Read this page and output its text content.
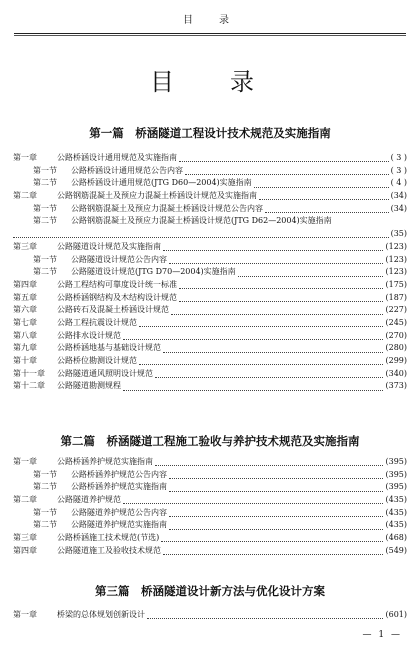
目　录
目　录
第一篇　桥涵隧道工程设计技术规范及实施指南
第一章	公路桥涵设计通用规范及实施指南	( 3 )
第一节	公路桥涵设计通用规范公告内容	( 3 )
第二节	公路桥涵设计通用规范(JTG D60—2004)实施指南	( 4 )
第二章	公路钢筋混凝土及预应力混凝土桥涵设计规范及实施指南	(34)
第一节	公路钢筋混凝土及预应力混凝土桥涵设计规范公告内容	(34)
第二节	公路钢筋混凝土及预应力混凝土桥涵设计规范(JTG D62—2004)实施指南
(35)
第三章	公路隧道设计规范及实施指南	(123)
第一节	公路隧道设计规范公告内容	(123)
第二节	公路隧道设计规范(JTG D70—2004)实施指南	(123)
第四章	公路工程结构可靠度设计统一标准	(175)
第五章	公路桥涵钢结构及木结构设计规范	(187)
第六章	公路砖石及混凝土桥涵设计规范	(227)
第七章	公路工程抗震设计规范	(245)
第八章	公路排水设计规范	(270)
第九章	公路桥涵地基与基础设计规范	(280)
第十章	公路桥位勘测设计规范	(299)
第十一章	公路隧道通风照明设计规范	(340)
第十二章	公路隧道勘测规程	(373)
第二篇　桥涵隧道工程施工验收与养护技术规范及实施指南
第一章	公路桥涵养护规范实施指南	(395)
第一节	公路桥涵养护规范公告内容	(395)
第二节	公路桥涵养护规范实施指南	(395)
第二章	公路隧道养护规范	(435)
第一节	公路隧道养护规范公告内容	(435)
第二节	公路隧道养护规范实施指南	(435)
第三章	公路桥涵施工技术规范(节选)	(468)
第四章	公路隧道施工及验收技术规范	(549)
第三篇　桥涵隧道设计新方法与优化设计方案
第一章	桥梁的总体规划创新设计	(601)
— 1 —
